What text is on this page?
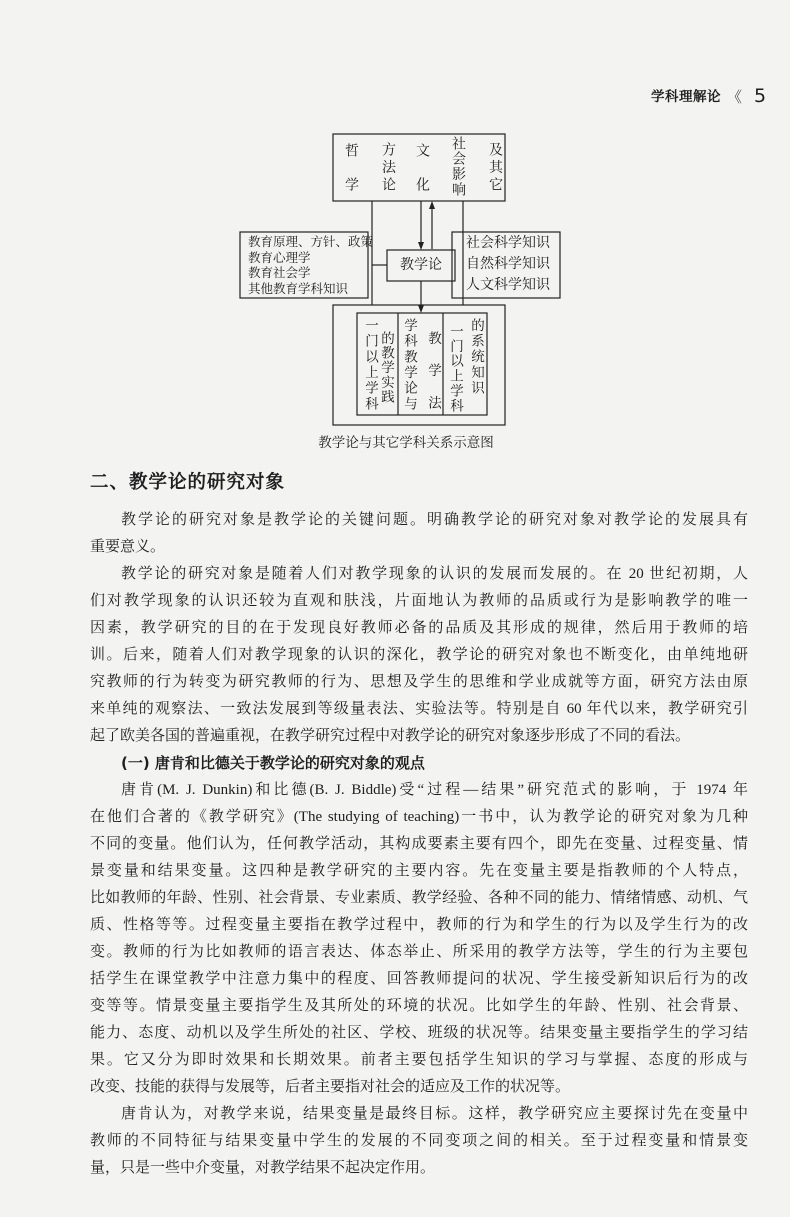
学科理解论 《 5
哲学 方法论 文化 社会影响 及其它
教育原理、方针、政策
教育心理学
教育社会学
其他教育学科知识
教学论
社会科学知识
自然科学知识
人文科学知识
一门以上学科 的教学实践 学科教学论与 教学法 一门以上学科 的系统知识
教学论与其它学科关系示意图
二、教学论的研究对象
教学论的研究对象是教学论的关键问题。明确教学论的研究对象对教学论的发展具有
重要意义。
教学论的研究对象是随着人们对教学现象的认识的发展而发展的。在 20 世纪初期，人
们对教学现象的认识还较为直观和肤浅，片面地认为教师的品质或行为是影响教学的唯一
因素，教学研究的目的在于发现良好教师必备的品质及其形成的规律，然后用于教师的培
训。后来，随着人们对教学现象的认识的深化，教学论的研究对象也不断变化，由单纯地研
究教师的行为转变为研究教师的行为、思想及学生的思维和学业成就等方面，研究方法由原
来单纯的观察法、一致法发展到等级量表法、实验法等。特别是自 60 年代以来，教学研究引
起了欧美各国的普遍重视，在教学研究过程中对教学论的研究对象逐步形成了不同的看法。
(一) 唐肯和比德关于教学论的研究对象的观点
唐肯(M. J. Dunkin)和比德(B. J. Biddle)受“过程—结果”研究范式的影响，于 1974 年
在他们合著的《教学研究》(The studying of teaching)一书中，认为教学论的研究对象为几种
不同的变量。他们认为，任何教学活动，其构成要素主要有四个，即先在变量、过程变量、情
景变量和结果变量。这四种是教学研究的主要内容。先在变量主要是指教师的个人特点，
比如教师的年龄、性别、社会背景、专业素质、教学经验、各种不同的能力、情绪情感、动机、气
质、性格等等。过程变量主要指在教学过程中，教师的行为和学生的行为以及学生行为的改
变。教师的行为比如教师的语言表达、体态举止、所采用的教学方法等，学生的行为主要包
括学生在课堂教学中注意力集中的程度、回答教师提问的状况、学生接受新知识后行为的改
变等等。情景变量主要指学生及其所处的环境的状况。比如学生的年龄、性别、社会背景、
能力、态度、动机以及学生所处的社区、学校、班级的状况等。结果变量主要指学生的学习结
果。它又分为即时效果和长期效果。前者主要包括学生知识的学习与掌握、态度的形成与
改变、技能的获得与发展等，后者主要指对社会的适应及工作的状况等。
唐肯认为，对教学来说，结果变量是最终目标。这样，教学研究应主要探讨先在变量中
教师的不同特征与结果变量中学生的发展的不同变项之间的相关。至于过程变量和情景变
量，只是一些中介变量，对教学结果不起决定作用。
